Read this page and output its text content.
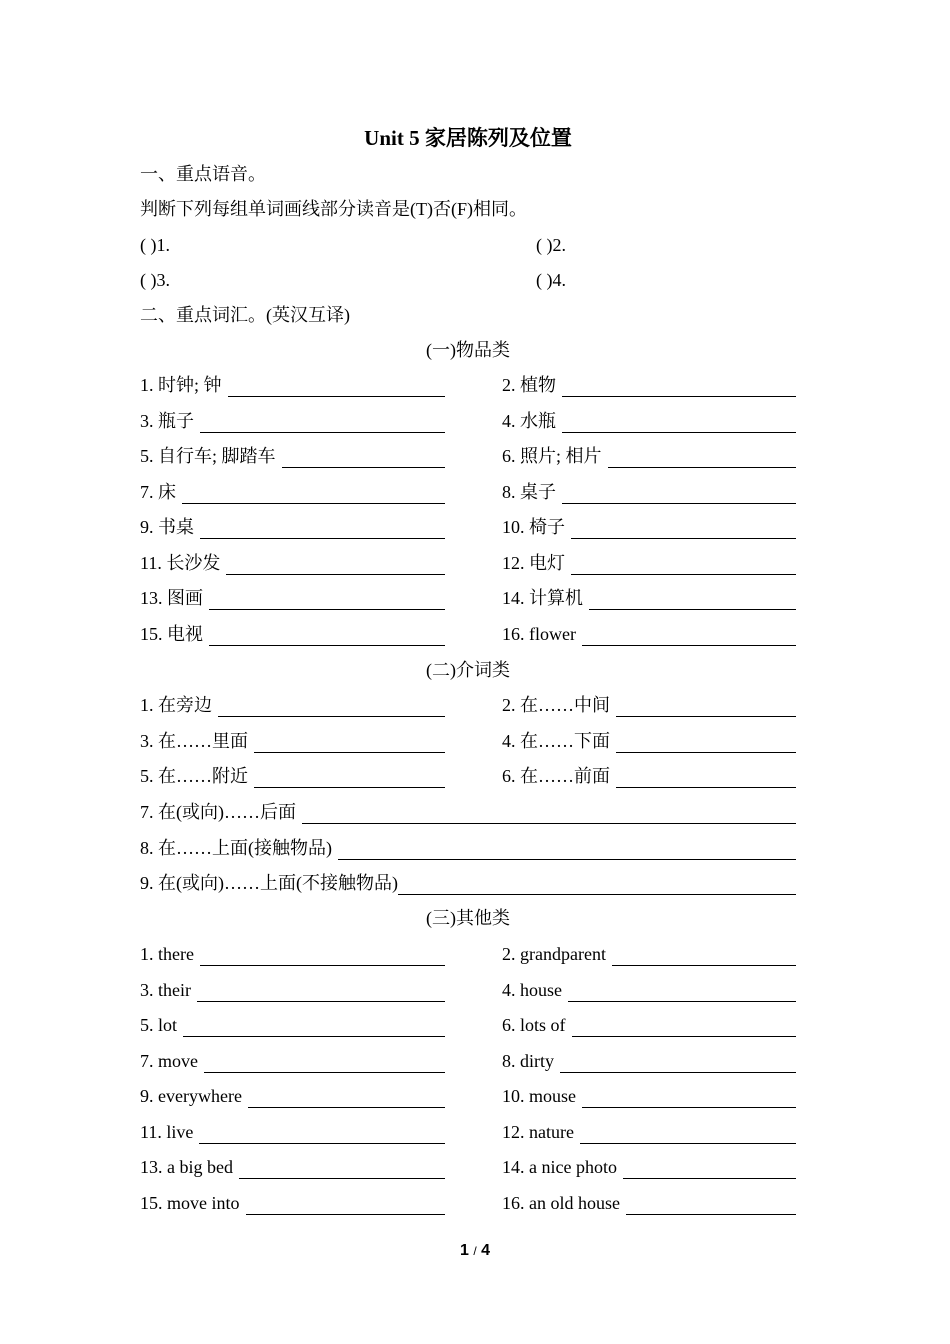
Unit 5 家居陈列及位置
一、重点语音。
判断下列每组单词画线部分读音是(T)否(F)相同。
( )1.	( )2.
( )3.	( )4.
二、重点词汇。(英汉互译)
(一)物品类
1. 时钟; 钟	2. 植物
3. 瓶子	4. 水瓶
5. 自行车; 脚踏车	6. 照片; 相片
7. 床	8. 桌子
9. 书桌	10. 椅子
11. 长沙发	12. 电灯
13. 图画	14. 计算机
15. 电视	16. flower
(二)介词类
1. 在旁边	2. 在……中间
3. 在……里面	4. 在……下面
5. 在……附近	6. 在……前面
7. 在(或向)……后面
8. 在……上面(接触物品)
9. 在(或向)……上面(不接触物品)
(三)其他类
1. there	2. grandparent
3. their	4. house
5. lot	6. lots of
7. move	8. dirty
9. everywhere	10. mouse
11. live	12. nature
13. a big bed	14. a nice photo
15. move into	16. an old house
1 / 4
